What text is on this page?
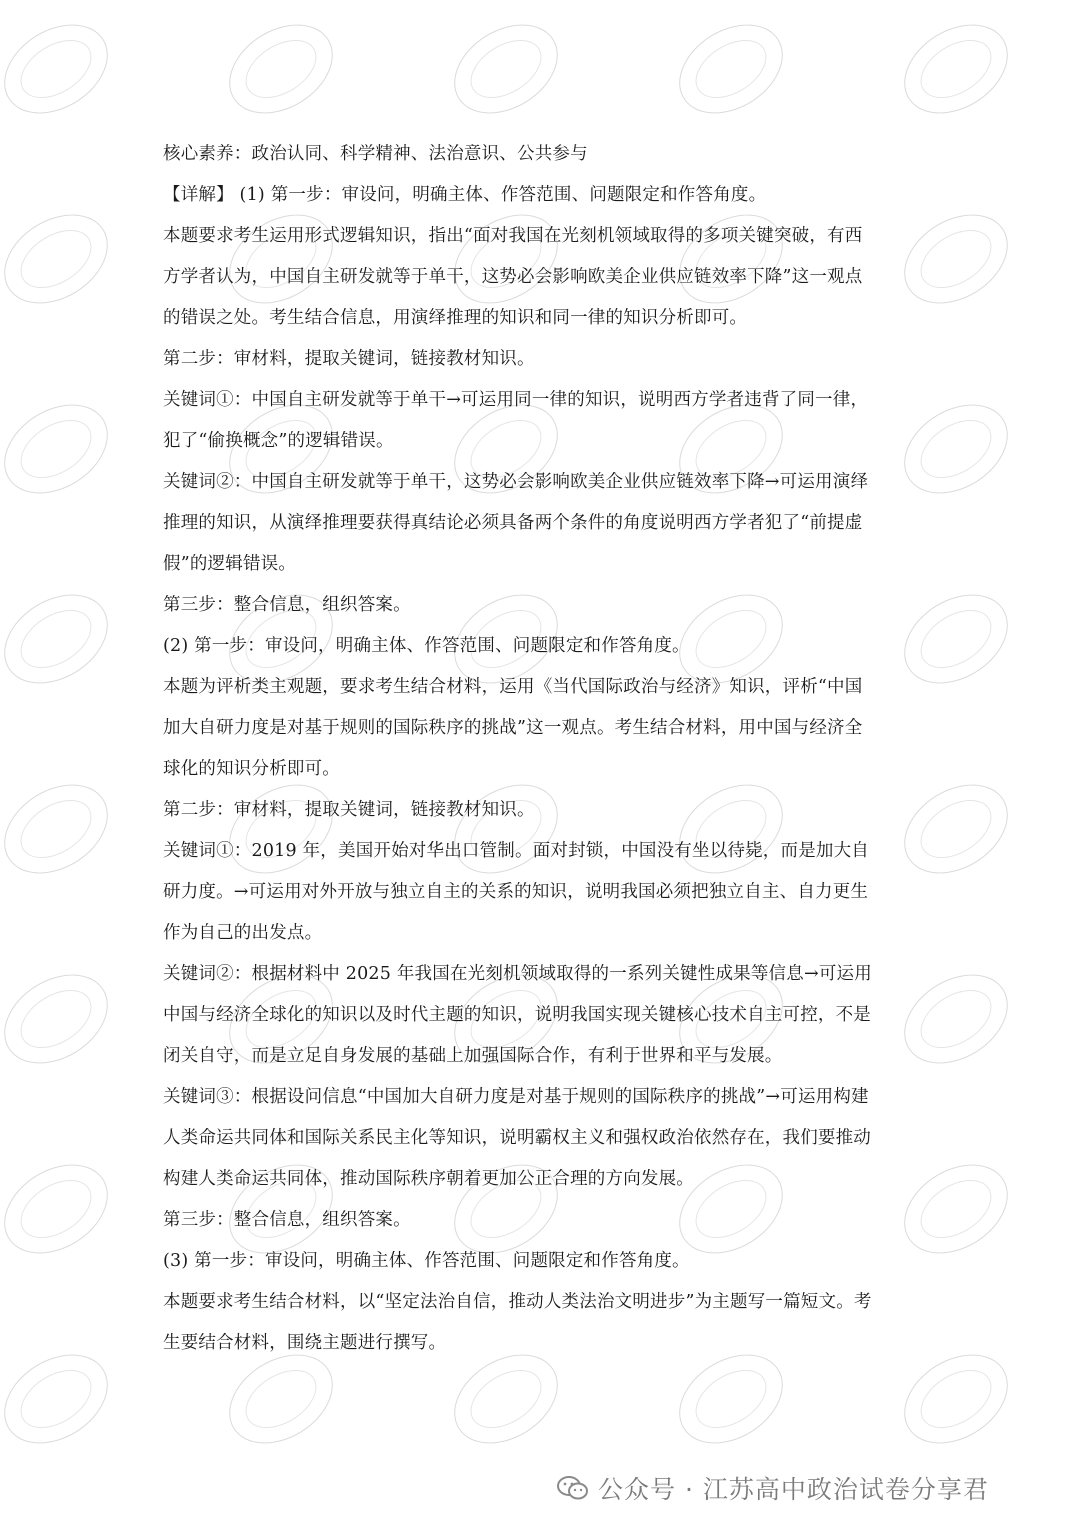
核心素养：政治认同、科学精神、法治意识、公共参与
【详解】 (1) 第一步：审设问，明确主体、作答范围、问题限定和作答角度。
本题要求考生运用形式逻辑知识，指出“面对我国在光刻机领域取得的多项关键突破，有西
方学者认为，中国自主研发就等于单干，这势必会影响欧美企业供应链效率下降”这一观点
的错误之处。考生结合信息，用演绎推理的知识和同一律的知识分析即可。
第二步：审材料，提取关键词，链接教材知识。
关键词①：中国自主研发就等于单干→可运用同一律的知识，说明西方学者违背了同一律，
犯了“偷换概念”的逻辑错误。
关键词②：中国自主研发就等于单干，这势必会影响欧美企业供应链效率下降→可运用演绎
推理的知识，从演绎推理要获得真结论必须具备两个条件的角度说明西方学者犯了“前提虚
假”的逻辑错误。
第三步：整合信息，组织答案。
(2) 第一步：审设问，明确主体、作答范围、问题限定和作答角度。
本题为评析类主观题，要求考生结合材料，运用《当代国际政治与经济》知识，评析“中国
加大自研力度是对基于规则的国际秩序的挑战”这一观点。考生结合材料，用中国与经济全
球化的知识分析即可。
第二步：审材料，提取关键词，链接教材知识。
关键词①：2019 年，美国开始对华出口管制。面对封锁，中国没有坐以待毙，而是加大自
研力度。→可运用对外开放与独立自主的关系的知识，说明我国必须把独立自主、自力更生
作为自己的出发点。
关键词②：根据材料中 2025 年我国在光刻机领域取得的一系列关键性成果等信息→可运用
中国与经济全球化的知识以及时代主题的知识，说明我国实现关键核心技术自主可控，不是
闭关自守，而是立足自身发展的基础上加强国际合作，有利于世界和平与发展。
关键词③：根据设问信息“中国加大自研力度是对基于规则的国际秩序的挑战”→可运用构建
人类命运共同体和国际关系民主化等知识，说明霸权主义和强权政治依然存在，我们要推动
构建人类命运共同体，推动国际秩序朝着更加公正合理的方向发展。
第三步：整合信息，组织答案。
(3) 第一步：审设问，明确主体、作答范围、问题限定和作答角度。
本题要求考生结合材料，以“坚定法治自信，推动人类法治文明进步”为主题写一篇短文。考
生要结合材料，围绕主题进行撰写。
公众号 · 江苏高中政治试卷分享君
